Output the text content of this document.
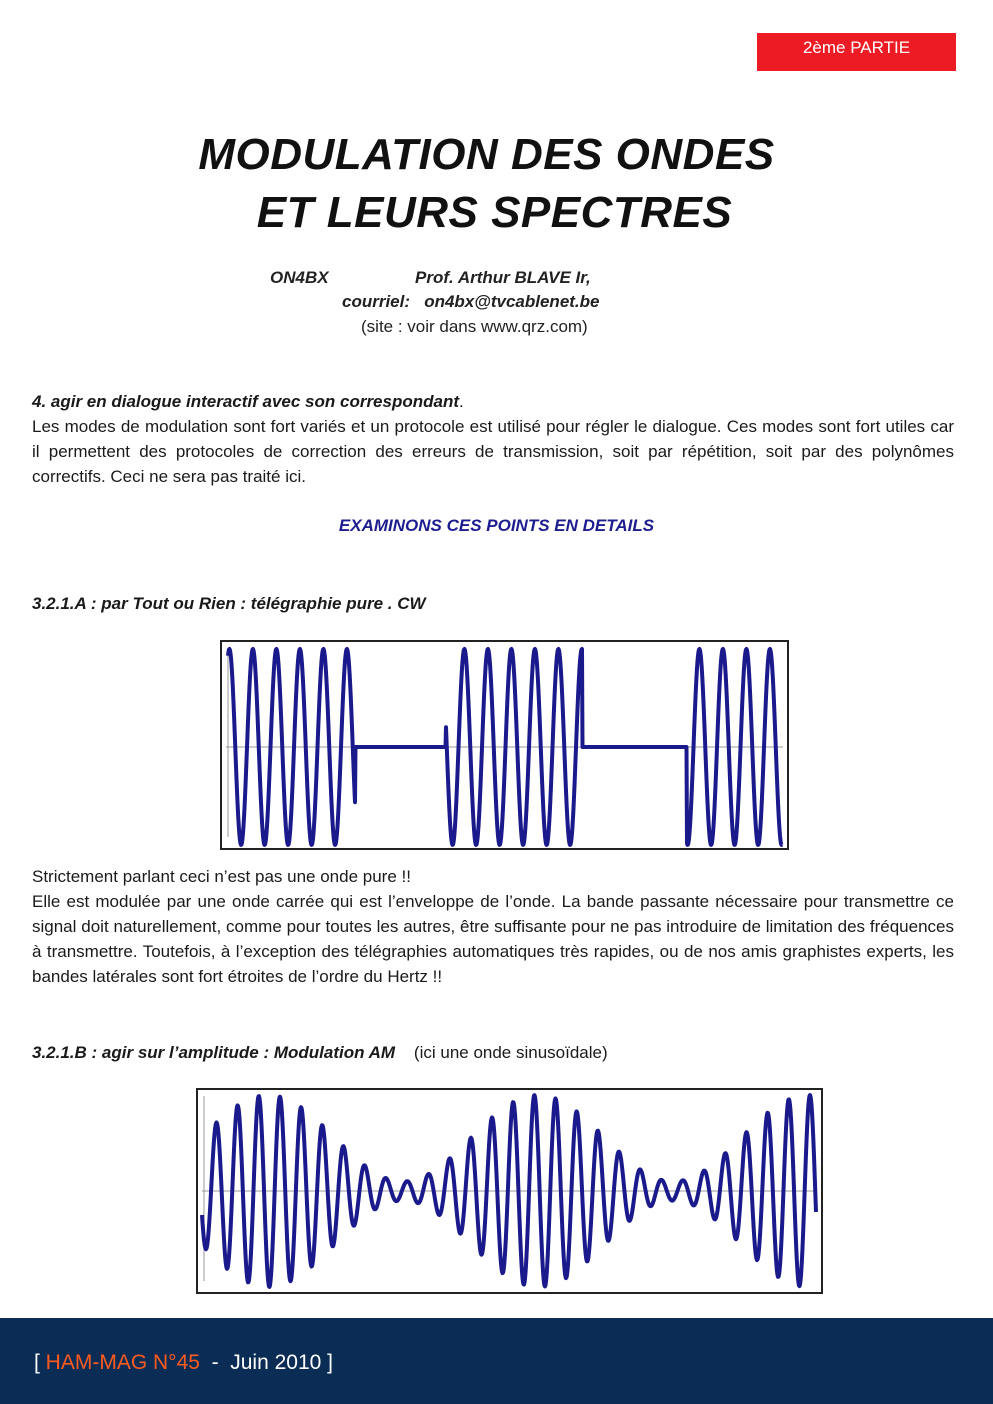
2ème PARTIE
MODULATION DES ONDES
ET LEURS SPECTRES
ON4BX	Prof. Arthur BLAVE Ir,
courriel: on4bx@tvcablenet.be
(site : voir dans www.qrz.com)

4. agir en dialogue interactif avec son correspondant.

Les modes de modulation sont fort variés et un protocole est utilisé pour régler le dialogue. Ces modes sont fort utiles car il permettent des protocoles de correction des erreurs de transmission, soit par répétition, soit par des polynômes correctifs. Ceci ne sera pas traité ici.

EXAMINONS CES POINTS EN DETAILS
3.2.1.A : par Tout ou Rien : télégraphie pure . CW

Strictement parlant ceci n’est pas une onde pure !!

Elle est modulée par une onde carrée qui est l’enveloppe de l’onde. La bande passante nécessaire pour transmettre ce signal doit naturellement, comme pour toutes les autres, être suffisante pour ne pas introduire de limitation des fréquences à transmettre. Toutefois, à l’exception des télégraphies automatiques très rapides, ou de nos amis graphistes experts, les bandes latérales sont fort étroites de l’ordre du Hertz !!

3.2.1.B : agir sur l’amplitude : Modulation AM (ici une onde sinusoïdale)
[ HAM-MAG N°45  -  Juin 2010 ]
